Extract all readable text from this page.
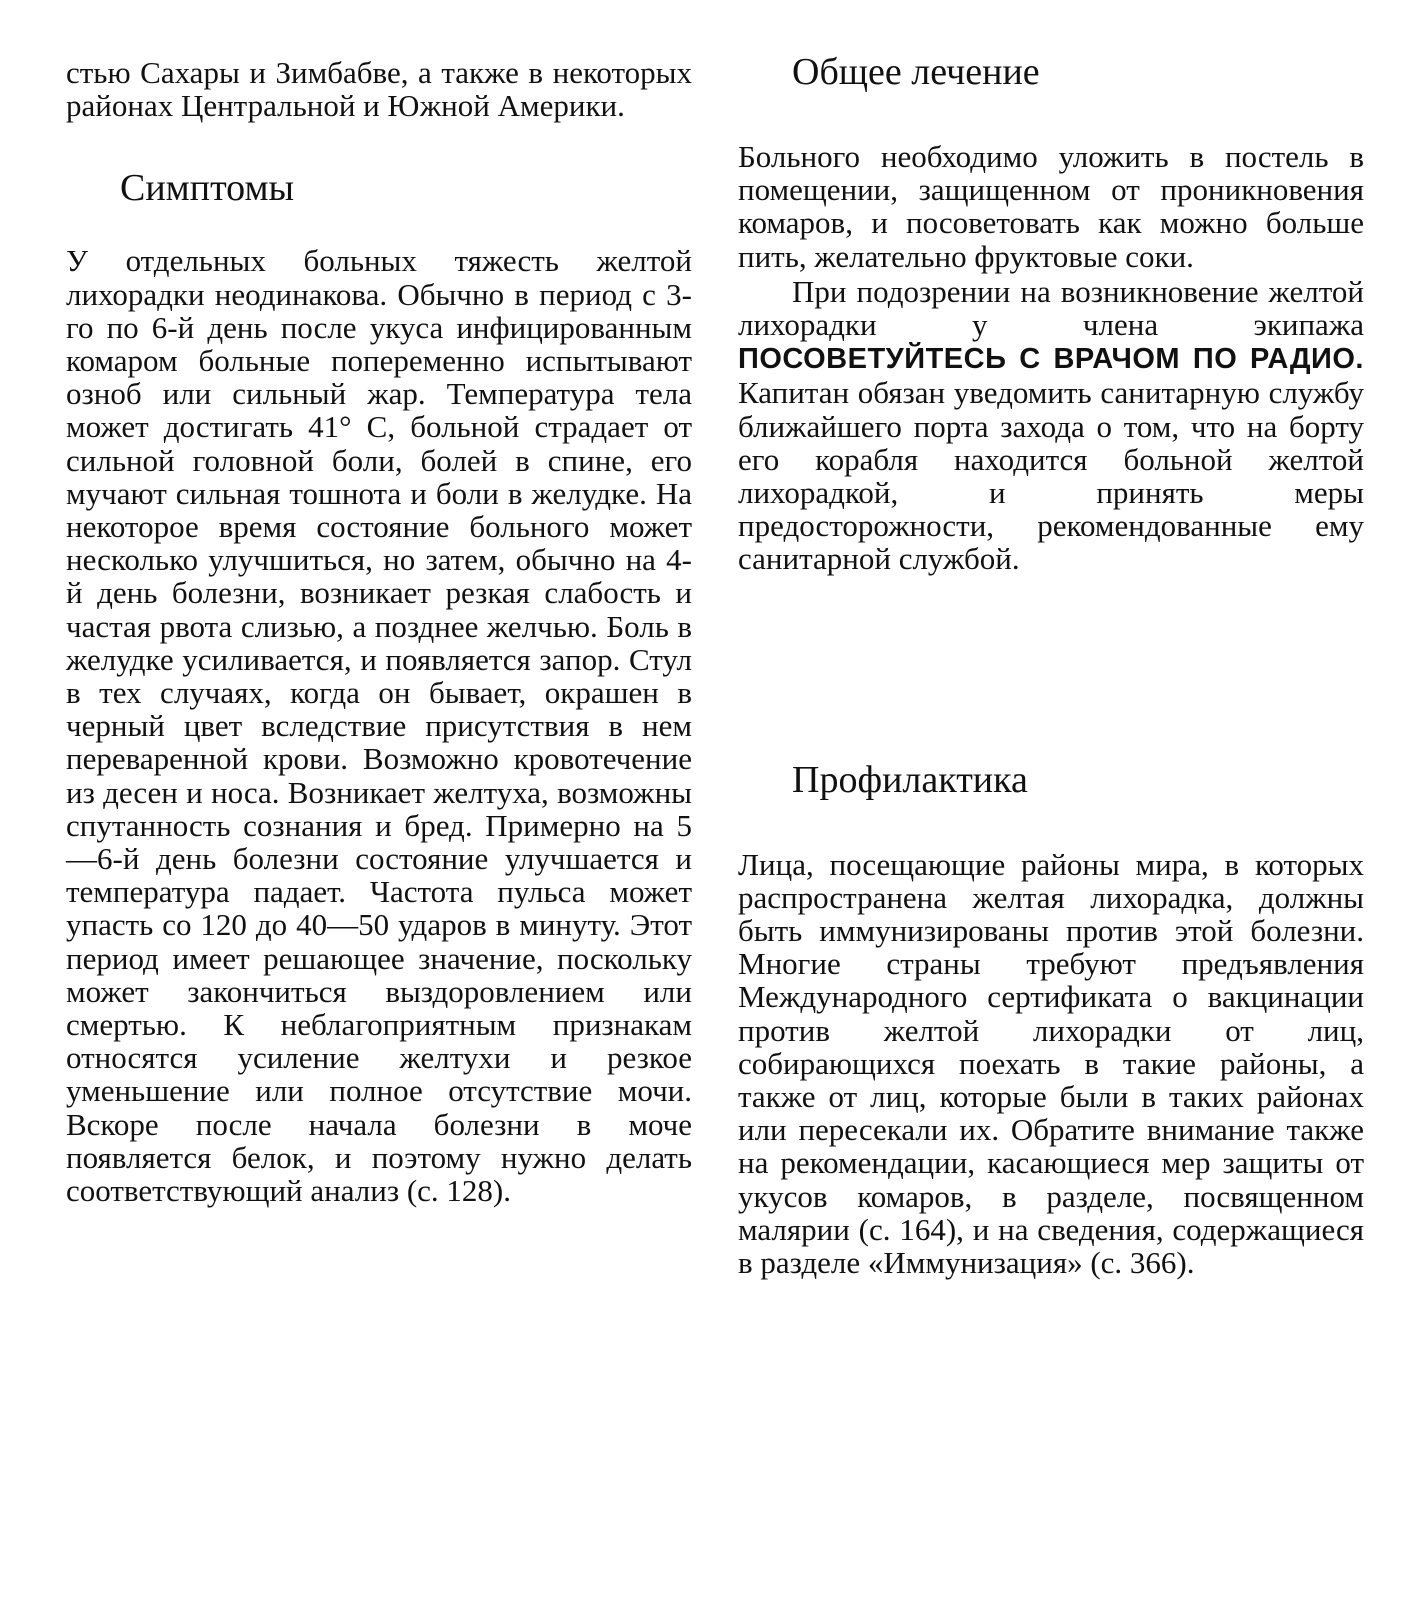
стью Сахары и Зимбабве, а также в некоторых районах Центральной и Южной Америки.

Симптомы

У отдельных больных тяжесть желтой лихорадки неодинакова. Обычно в период с 3-го по 6-й день после укуса инфицированным комаром больные попеременно испытывают озноб или сильный жар. Температура тела может достигать 41° С, больной страдает от сильной головной боли, болей в спине, его мучают сильная тошнота и боли в желудке. На некоторое время состояние больного может несколько улучшиться, но затем, обычно на 4-й день болезни, возникает резкая слабость и частая рвота слизью, а позднее желчью. Боль в желудке усиливается, и появляется запор. Стул в тех случаях, когда он бывает, окрашен в черный цвет вследствие присутствия в нем переваренной крови. Возможно кровотечение из десен и носа. Возникает желтуха, возможны спутанность сознания и бред. Примерно на 5—6-й день болезни состояние улучшается и температура падает. Частота пульса может упасть со 120 до 40—50 ударов в минуту. Этот период имеет решающее значение, поскольку может закончиться выздоровлением или смертью. К неблагоприятным признакам относятся усиление желтухи и резкое уменьшение или полное отсутствие мочи. Вскоре после начала болезни в моче появляется белок, и поэтому нужно делать соответствующий анализ (с. 128).

Общее лечение

Больного необходимо уложить в постель в помещении, защищенном от проникновения комаров, и посоветовать как можно больше пить, желательно фруктовые соки.

При подозрении на возникновение желтой лихорадки у члена экипажа ПОСОВЕТУЙТЕСЬ С ВРАЧОМ ПО РАДИО. Капитан обязан уведомить санитарную службу ближайшего порта захода о том, что на борту его корабля находится больной желтой лихорадкой, и принять меры предосторожности, рекомендованные ему санитарной службой.

Профилактика

Лица, посещающие районы мира, в которых распространена желтая лихорадка, должны быть иммунизированы против этой болезни. Многие страны требуют предъявления Международного сертификата о вакцинации против желтой лихорадки от лиц, собирающихся поехать в такие районы, а также от лиц, которые были в таких районах или пересекали их. Обратите внимание также на рекомендации, касающиеся мер защиты от укусов комаров, в разделе, посвященном малярии (с. 164), и на сведения, содержащиеся в разделе «Иммунизация» (с. 366).
